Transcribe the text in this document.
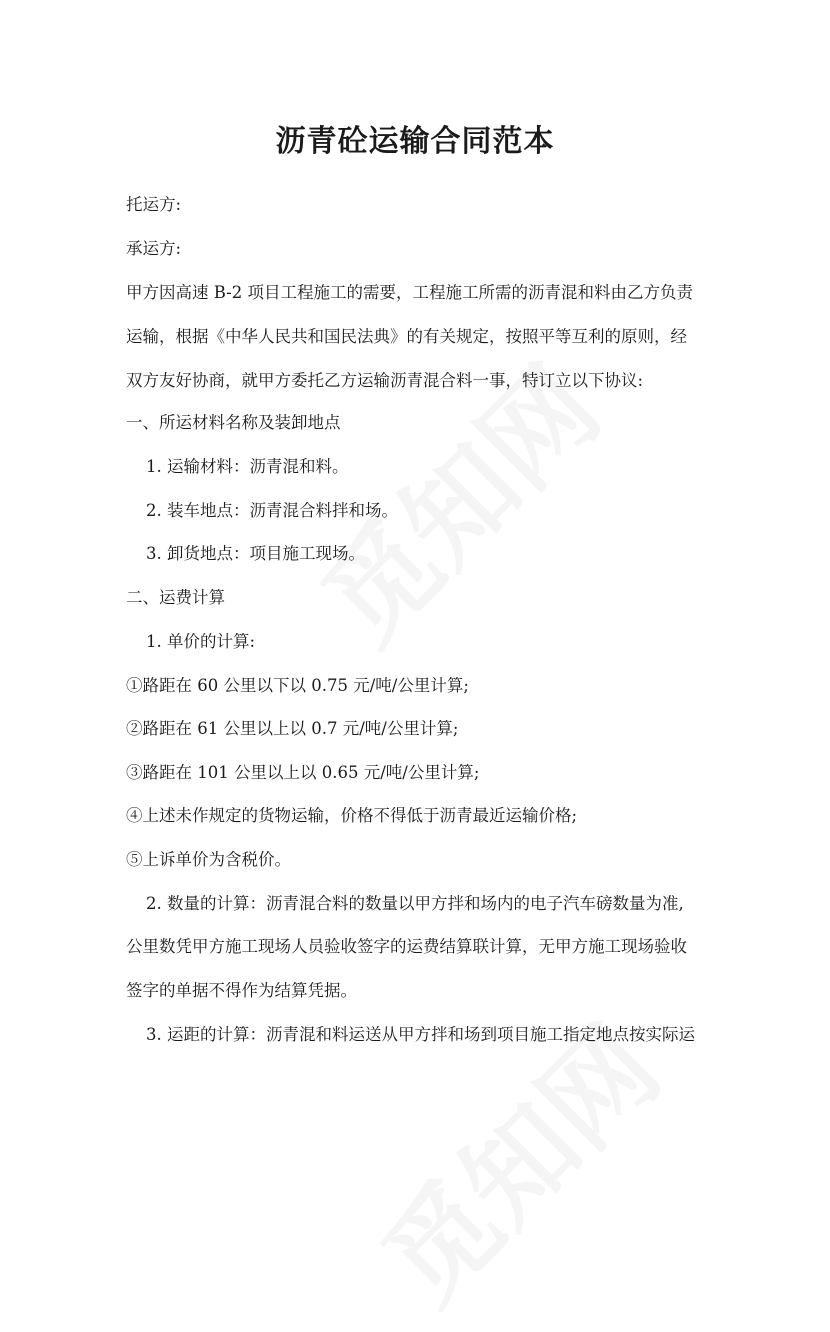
沥青砼运输合同范本

托运方:

承运方:

甲方因高速 B-2 项目工程施工的需要，工程施工所需的沥青混和料由乙方负责

运输，根据《中华人民共和国民法典》的有关规定，按照平等互利的原则，经

双方友好协商，就甲方委托乙方运输沥青混合料一事，特订立以下协议:

一、所运材料名称及装卸地点

1. 运输材料：沥青混和料。

2. 装车地点：沥青混合料拌和场。

3. 卸货地点：项目施工现场。

二、运费计算

1. 单价的计算:

①路距在 60 公里以下以 0.75 元/吨/公里计算;

②路距在 61 公里以上以 0.7 元/吨/公里计算;

③路距在 101 公里以上以 0.65 元/吨/公里计算;

④上述未作规定的货物运输，价格不得低于沥青最近运输价格;

⑤上诉单价为含税价。

2. 数量的计算：沥青混合料的数量以甲方拌和场内的电子汽车磅数量为准,

公里数凭甲方施工现场人员验收签字的运费结算联计算，无甲方施工现场验收

签字的单据不得作为结算凭据。

3. 运距的计算：沥青混和料运送从甲方拌和场到项目施工指定地点按实际运
